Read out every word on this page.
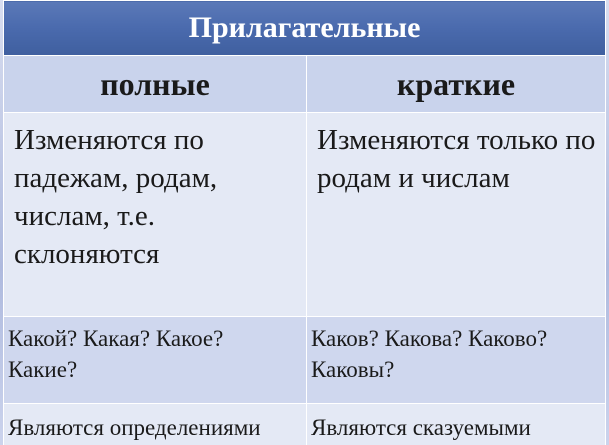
Прилагательные	
полные	краткие
Изменяются по падежам, родам, числам, т.е. склоняются	Изменяются только по родам и числам
Какой? Какая? Какое? Какие?	Каков? Какова? Каково? Каковы?
Являются определениями	Являются сказуемыми
